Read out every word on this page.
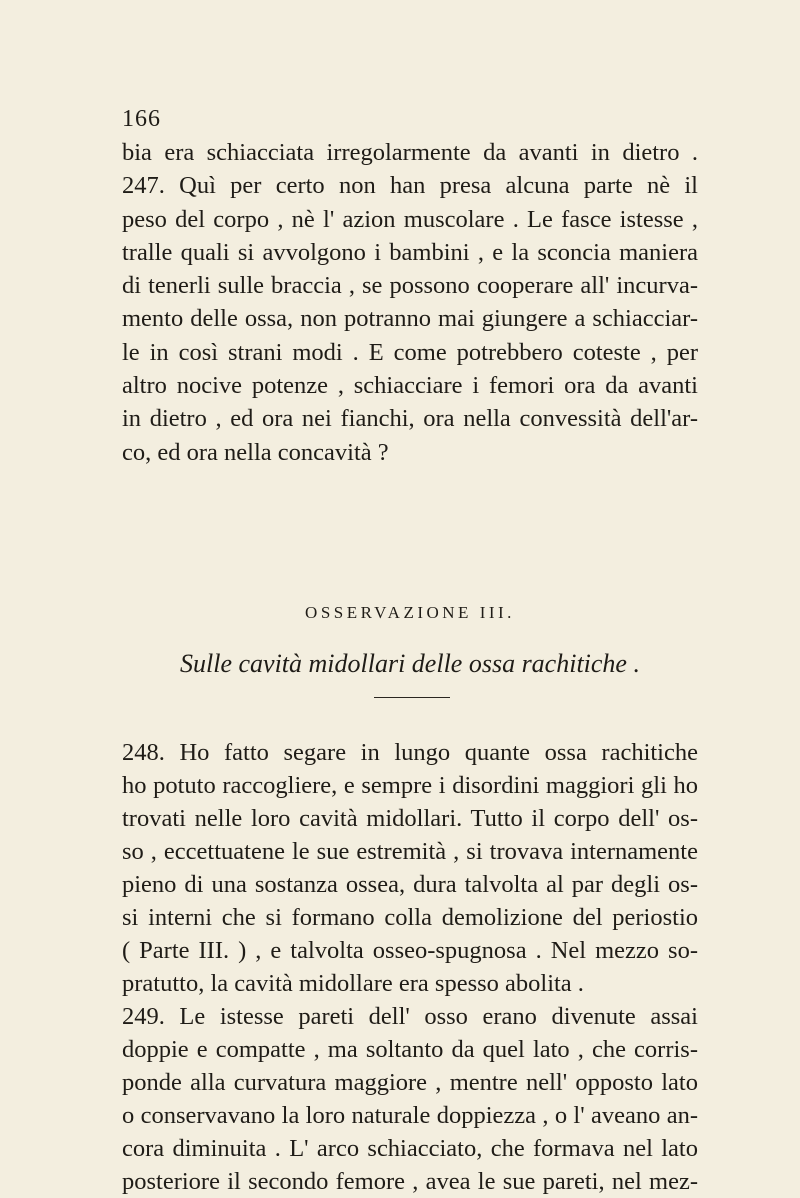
166
bia era schiacciata irregolarmente da avanti in dietro .
247. Quì per certo non han presa alcuna parte nè il
peso del corpo , nè l' azion muscolare . Le fasce istesse ,
tralle quali si avvolgono i bambini , e la sconcia maniera
di tenerli sulle braccia , se possono cooperare all' incurva-
mento delle ossa, non potranno mai giungere a schiacciar-
le in così strani modi . E come potrebbero coteste , per
altro nocive potenze , schiacciare i femori ora da avanti
in dietro , ed ora nei fianchi, ora nella convessità dell'ar-
co, ed ora nella concavità ?
OSSERVAZIONE III.
Sulle cavità midollari delle ossa rachitiche .
248. Ho fatto segare in lungo quante ossa rachitiche
ho potuto raccogliere, e sempre i disordini maggiori gli ho
trovati nelle loro cavità midollari. Tutto il corpo dell' os-
so , eccettuatene le sue estremità , si trovava internamente
pieno di una sostanza ossea, dura talvolta al par degli os-
si interni che si formano colla demolizione del periostio
( Parte III. ) , e talvolta osseo-spugnosa . Nel mezzo so-
pratutto, la cavità midollare era spesso abolita .
249. Le istesse pareti dell' osso erano divenute assai
doppie e compatte , ma soltanto da quel lato , che corris-
ponde alla curvatura maggiore , mentre nell' opposto lato
o conservavano la loro naturale doppiezza , o l' aveano an-
cora diminuita . L' arco schiacciato, che formava nel lato
posteriore il secondo femore , avea le sue pareti, nel mez-
